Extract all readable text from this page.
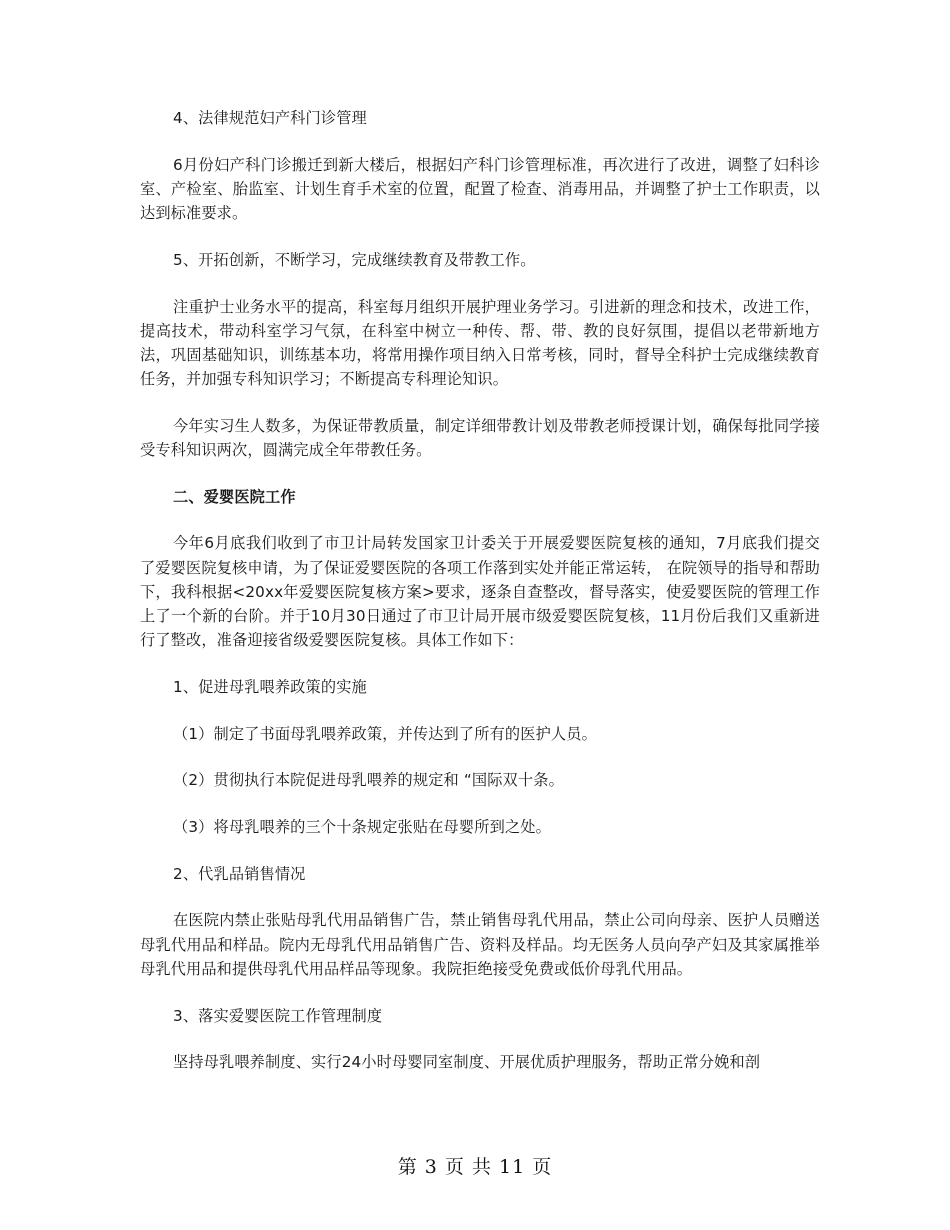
4、法律规范妇产科门诊管理

6月份妇产科门诊搬迁到新大楼后，根据妇产科门诊管理标准，再次进行了改进，调整了妇科诊室、产检室、胎监室、计划生育手术室的位置，配置了检查、消毒用品，并调整了护士工作职责，以达到标准要求。

5、开拓创新，不断学习，完成继续教育及带教工作。

注重护士业务水平的提高，科室每月组织开展护理业务学习。引进新的理念和技术，改进工作，提高技术，带动科室学习气氛，在科室中树立一种传、帮、带、教的良好氛围，提倡以老带新地方法，巩固基础知识，训练基本功，将常用操作项目纳入日常考核，同时，督导全科护士完成继续教育任务，并加强专科知识学习；不断提高专科理论知识。

今年实习生人数多，为保证带教质量，制定详细带教计划及带教老师授课计划，确保每批同学接受专科知识两次，圆满完成全年带教任务。

二、爱婴医院工作

今年6月底我们收到了市卫计局转发国家卫计委关于开展爱婴医院复核的通知，7月底我们提交了爱婴医院复核申请，为了保证爱婴医院的各项工作落到实处并能正常运转， 在院领导的指导和帮助下，我科根据<20xx年爱婴医院复核方案>要求，逐条自查整改，督导落实，使爱婴医院的管理工作上了一个新的台阶。并于10月30日通过了市卫计局开展市级爱婴医院复核，11月份后我们又重新进行了整改，准备迎接省级爱婴医院复核。具体工作如下：

1、促进母乳喂养政策的实施

（1）制定了书面母乳喂养政策，并传达到了所有的医护人员。

（2）贯彻执行本院促进母乳喂养的规定和 “国际双十条。

（3）将母乳喂养的三个十条规定张贴在母婴所到之处。

2、代乳品销售情况

在医院内禁止张贴母乳代用品销售广告，禁止销售母乳代用品，禁止公司向母亲、医护人员赠送母乳代用品和样品。院内无母乳代用品销售广告、资料及样品。均无医务人员向孕产妇及其家属推举母乳代用品和提供母乳代用品样品等现象。我院拒绝接受免费或低价母乳代用品。

3、落实爱婴医院工作管理制度

坚持母乳喂养制度、实行24小时母婴同室制度、开展优质护理服务，帮助正常分娩和剖

第 3 页 共 11 页
